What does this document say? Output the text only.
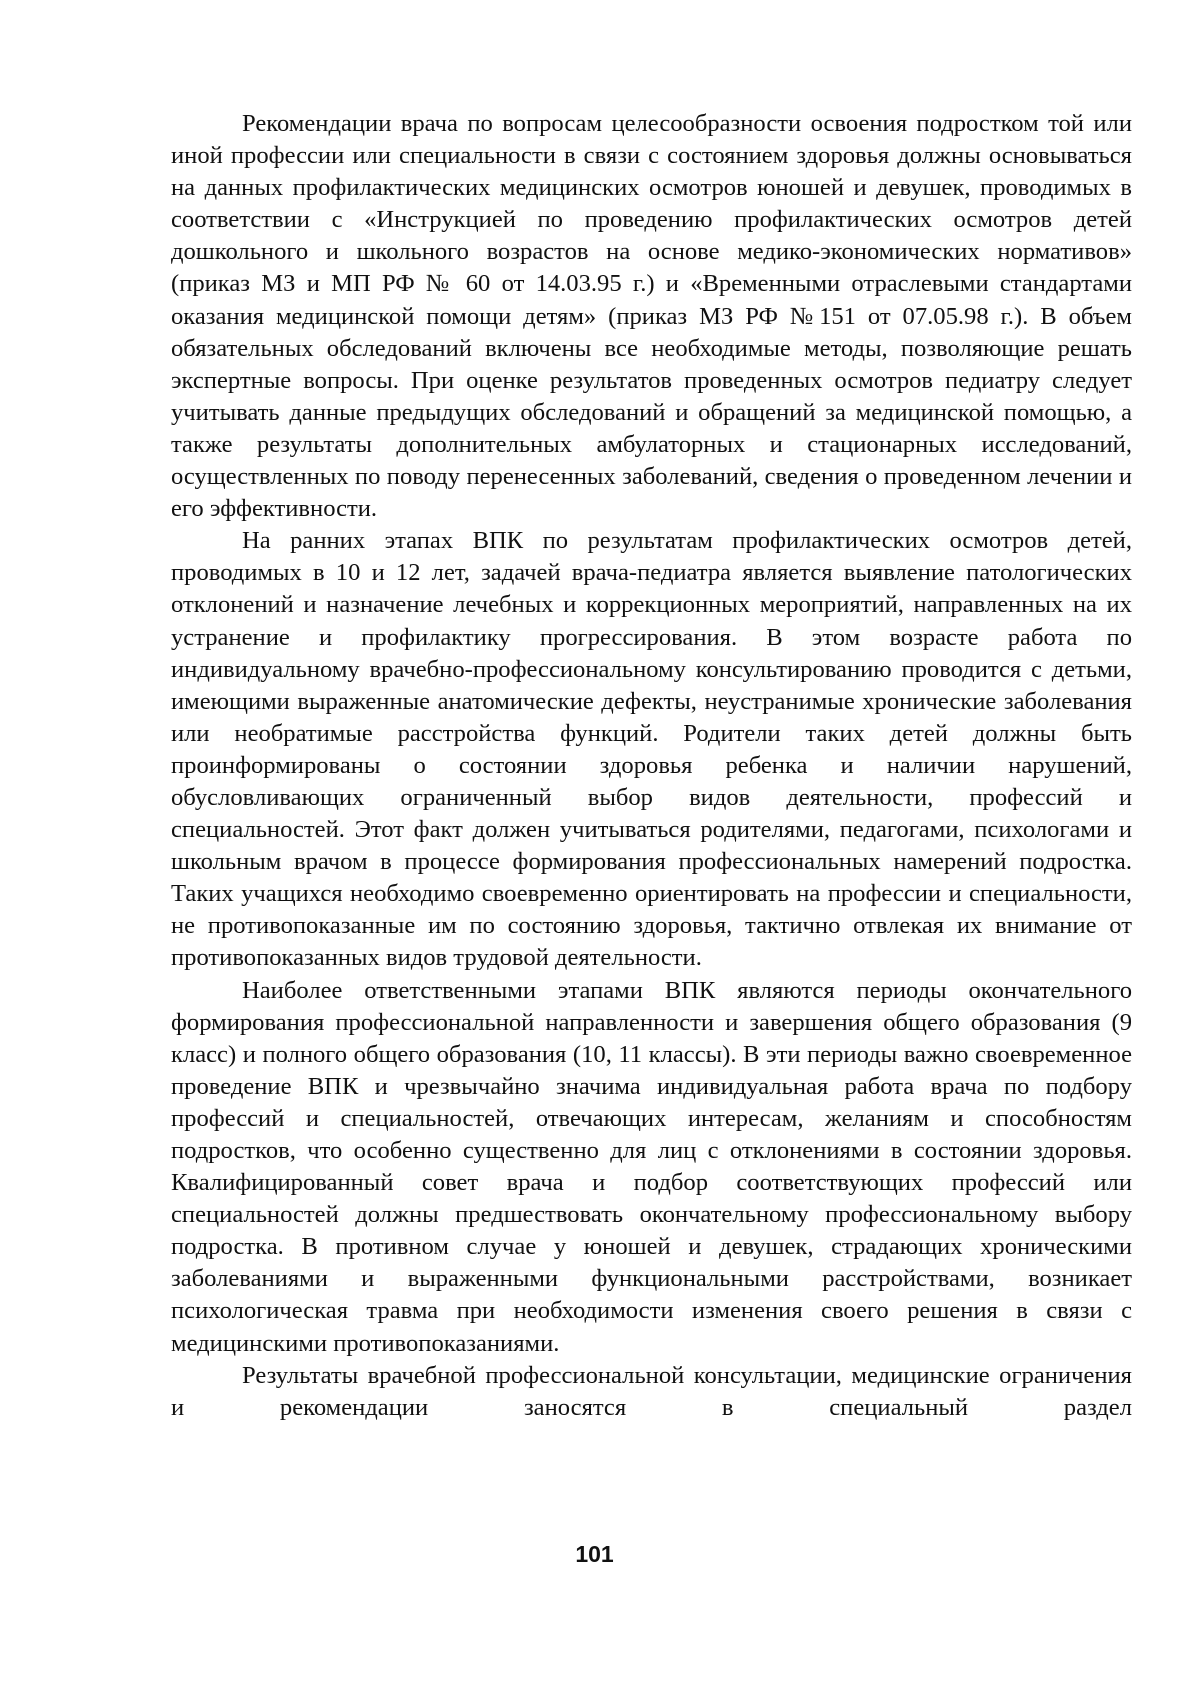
Рекомендации врача по вопросам целесообразности освоения подростком той или иной профессии или специальности в связи с состоянием здоровья должны основываться на данных профилактических медицинских осмотров юношей и девушек, проводимых в соответствии с «Инструкцией по проведению профилактических осмотров детей дошкольного и школьного возрастов на основе медико-экономических нормативов» (приказ МЗ и МП РФ № 60 от 14.03.95 г.) и «Временными отраслевыми стандартами оказания медицинской помощи детям» (приказ МЗ РФ №151 от 07.05.98 г.). В объем обязательных обследований включены все необходимые методы, позволяющие решать экспертные вопросы. При оценке результатов проведенных осмотров педиатру следует учитывать данные предыдущих обследований и обращений за медицинской помощью, а также результаты дополнительных амбулаторных и стационарных исследований, осуществленных по поводу перенесенных заболеваний, сведения о проведенном лечении и его эффективности.

На ранних этапах ВПК по результатам профилактических осмотров детей, проводимых в 10 и 12 лет, задачей врача-педиатра является выявление патологических отклонений и назначение лечебных и коррекционных мероприятий, направленных на их устранение и профилактику прогрессирования. В этом возрасте работа по индивидуальному врачебно-профессиональному консультированию проводится с детьми, имеющими выраженные анатомические дефекты, неустранимые хронические заболевания или необратимые расстройства функций. Родители таких детей должны быть проинформированы о состоянии здоровья ребенка и наличии нарушений, обусловливающих ограниченный выбор видов деятельности, профессий и специальностей. Этот факт должен учитываться родителями, педагогами, психологами и школьным врачом в процессе формирования профессиональных намерений подростка. Таких учащихся необходимо своевременно ориентировать на профессии и специальности, не противопоказанные им по состоянию здоровья, тактично отвлекая их внимание от противопоказанных видов трудовой деятельности.

Наиболее ответственными этапами ВПК являются периоды окончательного формирования профессиональной направленности и завершения общего образования (9 класс) и полного общего образования (10, 11 классы). В эти периоды важно своевременное проведение ВПК и чрезвычайно значима индивидуальная работа врача по подбору профессий и специальностей, отвечающих интересам, желаниям и способностям подростков, что особенно существенно для лиц с отклонениями в состоянии здоровья. Квалифицированный совет врача и подбор соответствующих профессий или специальностей должны предшествовать окончательному профессиональному выбору подростка. В противном случае у юношей и девушек, страдающих хроническими заболеваниями и выраженными функциональными расстройствами, возникает психологическая травма при необходимости изменения своего решения в связи с медицинскими противопоказаниями.

Результаты врачебной профессиональной консультации, медицинские ограничения и рекомендации заносятся в специальный раздел

101
